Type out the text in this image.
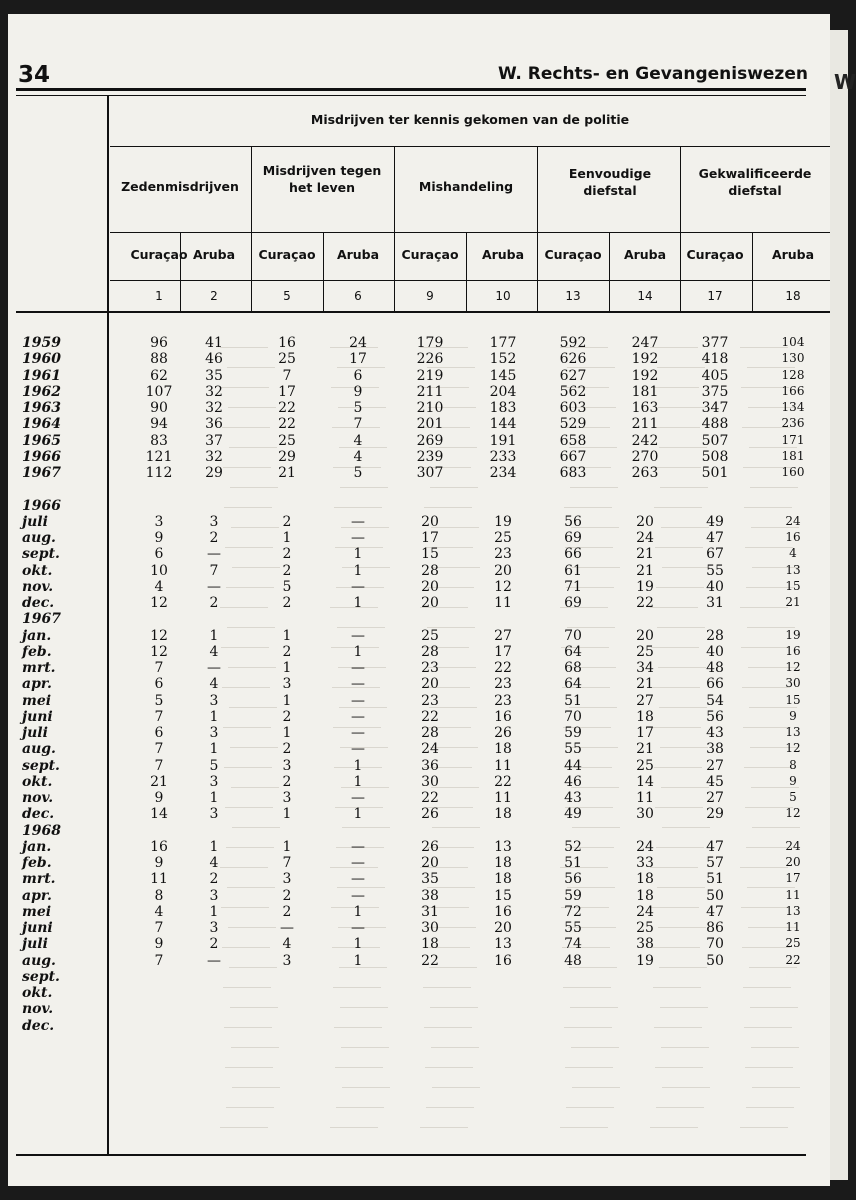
W
34	W. Rechts- en Gevangeniswezen
Misdrijven ter kennis gekomen van de politie
Zedenmisdrijven
Misdrijven tegen het leven	Mishandeling
Eenvoudige diefstal
Gekwalificeerde diefstal
Curaçao Aruba	Curaçao	Aruba	Curaçao	Aruba	Curaçao	Aruba	Curaçao	Aruba
1	2	5	6	9	10	13	14	17	18
1959	96	41	16	24	179	177	592	247	377	104
1960	88	46	25	17	226	152	626	192	418	130
1961	62	35	7	6	219	145	627	192	405	128
1962	107	32	17	9	211	204	562	181	375	166
1963	90	32	22	5	210	183	603	163	347	134
1964	94	36	22	7	201	144	529	211	488	236
1965	83	37	25	4	269	191	658	242	507	171
1966	121	32	29	4	239	233	667	270	508	181
1967	112	29	21	5	307	234	683	263	501	160
1966
juli	3	3	2	—	20	19	56	20	49	24
aug.	9	2	1	—	17	25	69	24	47	16
sept.	6	—	2	1	15	23	66	21	67	4
okt.	10	7	2	1	28	20	61	21	55	13
nov.	4	—	5	—	20	12	71	19	40	15
dec.	12	2	2	1	20	11	69	22	31	21
1967
jan.	12	1	1	—	25	27	70	20	28	19
feb.	12	4	2	1	28	17	64	25	40	16
mrt.	7	—	1	—	23	22	68	34	48	12
apr.	6	4	3	—	20	23	64	21	66	30
mei	5	3	1	—	23	23	51	27	54	15
juni	7	1	2	—	22	16	70	18	56	9
juli	6	3	1	—	28	26	59	17	43	13
aug.	7	1	2	—	24	18	55	21	38	12
sept.	7	5	3	1	36	11	44	25	27	8
okt.	21	3	2	1	30	22	46	14	45	9
nov.	9	1	3	—	22	11	43	11	27	5
dec.	14	3	1	1	26	18	49	30	29	12
1968
jan.	16	1	1	—	26	13	52	24	47	24
feb.	9	4	7	—	20	18	51	33	57	20
mrt.	11	2	3	—	35	18	56	18	51	17
apr.	8	3	2	—	38	15	59	18	50	11
mei	4	1	2	1	31	16	72	24	47	13
juni	7	3	—	—	30	20	55	25	86	11
juli	9	2	4	1	18	13	74	38	70	25
aug.	7	—	3	1	22	16	48	19	50	22
sept.
okt.
nov.
dec.
